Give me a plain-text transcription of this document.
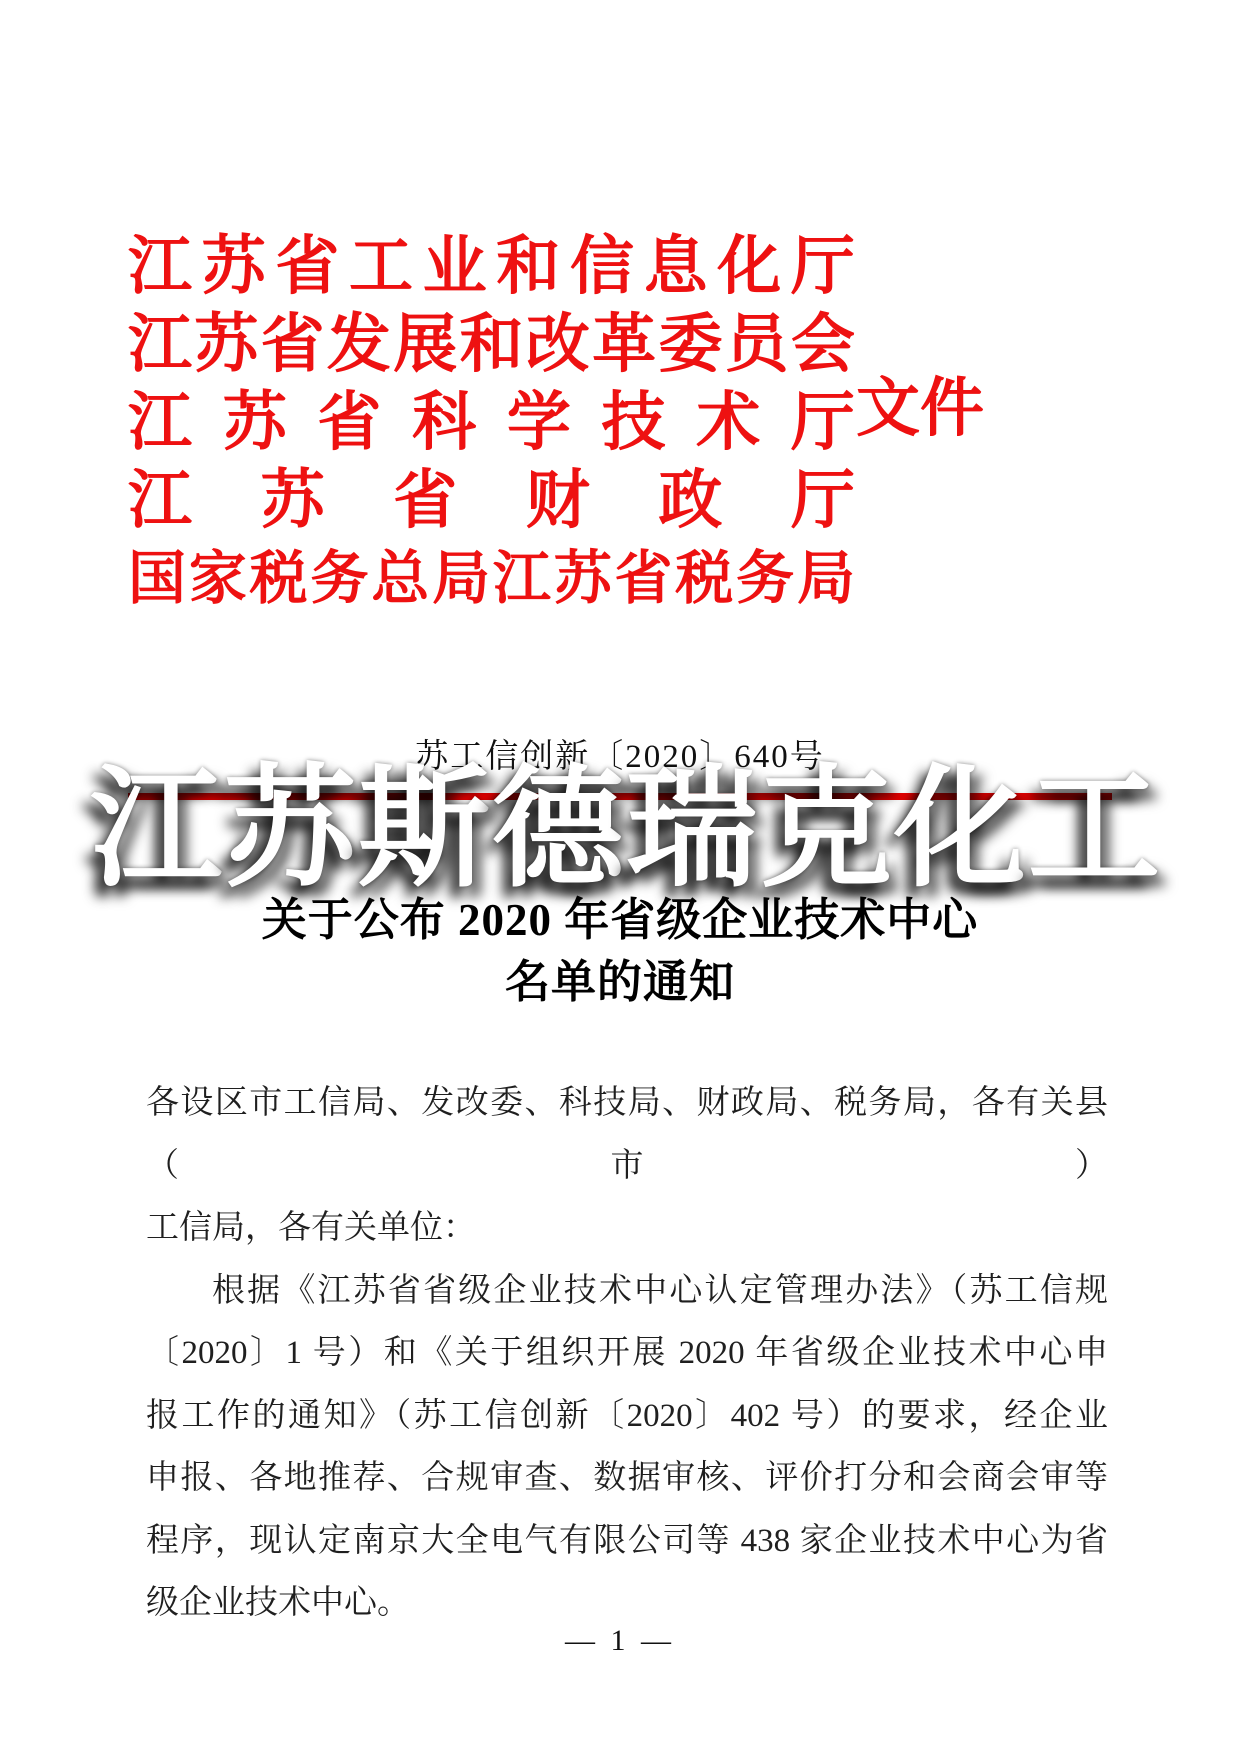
江 苏 省 工 业 和 信 息 化 厅
江 苏 省 发 展 和 改 革 委 员 会
江 苏 省 科 学 技 术 厅
江 苏 省 财 政 厅
国 家 税 务 总 局 江 苏 省 税 务 局
文件
苏工信创新〔2020〕640号
江 苏 斯 德 瑞 克 化 工
关于公布 2020 年省级企业技术中心
名单的通知
各设区市工信局、发改委、科技局、财政局、税务局，各有关县（市）
工信局，各有关单位：
根据《江苏省省级企业技术中心认定管理办法》（苏工信规
〔2020〕1 号）和《关于组织开展 2020 年省级企业技术中心申
报工作的通知》（苏工信创新〔2020〕402 号）的要求，经企业
申报、各地推荐、合规审查、数据审核、评价打分和会商会审等
程序，现认定南京大全电气有限公司等 438 家企业技术中心为省
级企业技术中心。
— 1 —
